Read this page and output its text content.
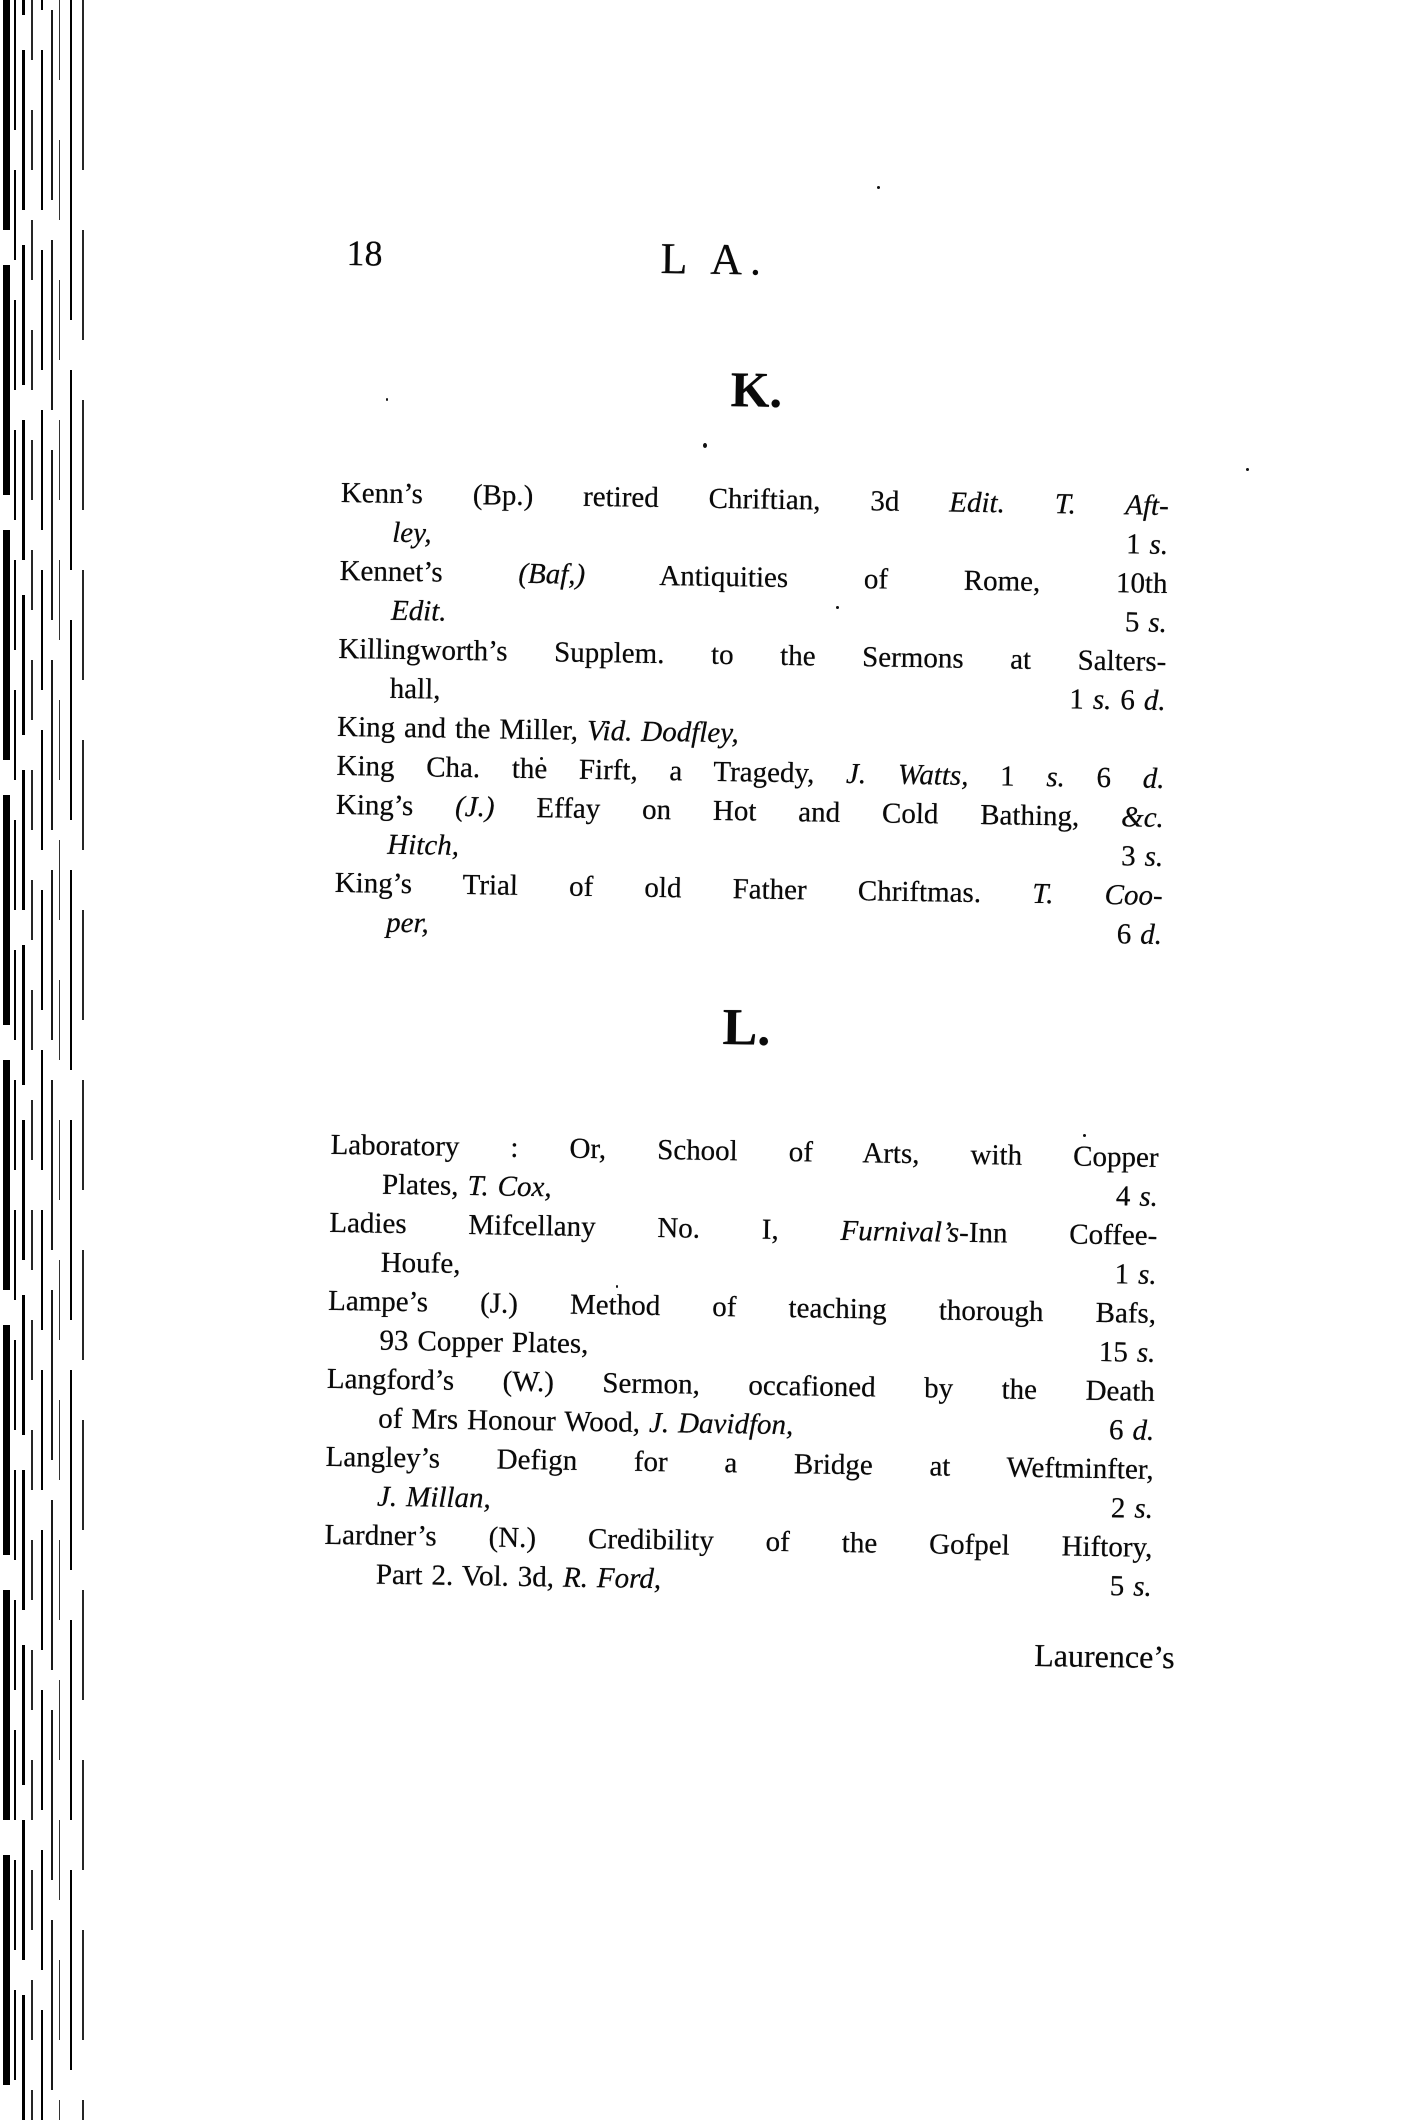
18	L A.
K.
Kenn’s (Bp.) retired Chriftian, 3d Edit. T. Aft-
ley,	1 s.
Kennet’s (Baf,) Antiquities of Rome, 10th
Edit.	5 s.
Killingworth’s Supplem. to the Sermons at Salters-
hall,	1 s. 6 d.
King and the Miller, Vid. Dodfley,
King Cha. the Firft, a Tragedy, J. Watts, 1 s. 6 d.
King’s (J.) Effay on Hot and Cold Bathing, &c.
Hitch,	3 s.
King’s Trial of old Father Chriftmas. T. Coo-
per,	6 d.
L.
Laboratory : Or, School of Arts, with Copper
Plates, T. Cox,	4 s.
Ladies Mifcellany No. I, Furnival’s-Inn Coffee-
Houfe,	1 s.
Lampe’s (J.) Method of teaching thorough Bafs,
93 Copper Plates,	15 s.
Langford’s (W.) Sermon, occafioned by the Death
of Mrs Honour Wood, J. Davidfon,	6 d.
Langley’s Defign for a Bridge at Weftminfter,
J. Millan,	2 s.
Lardner’s (N.) Credibility of the Gofpel Hiftory,
Part 2. Vol. 3d, R. Ford,	5 s.
Laurence’s
